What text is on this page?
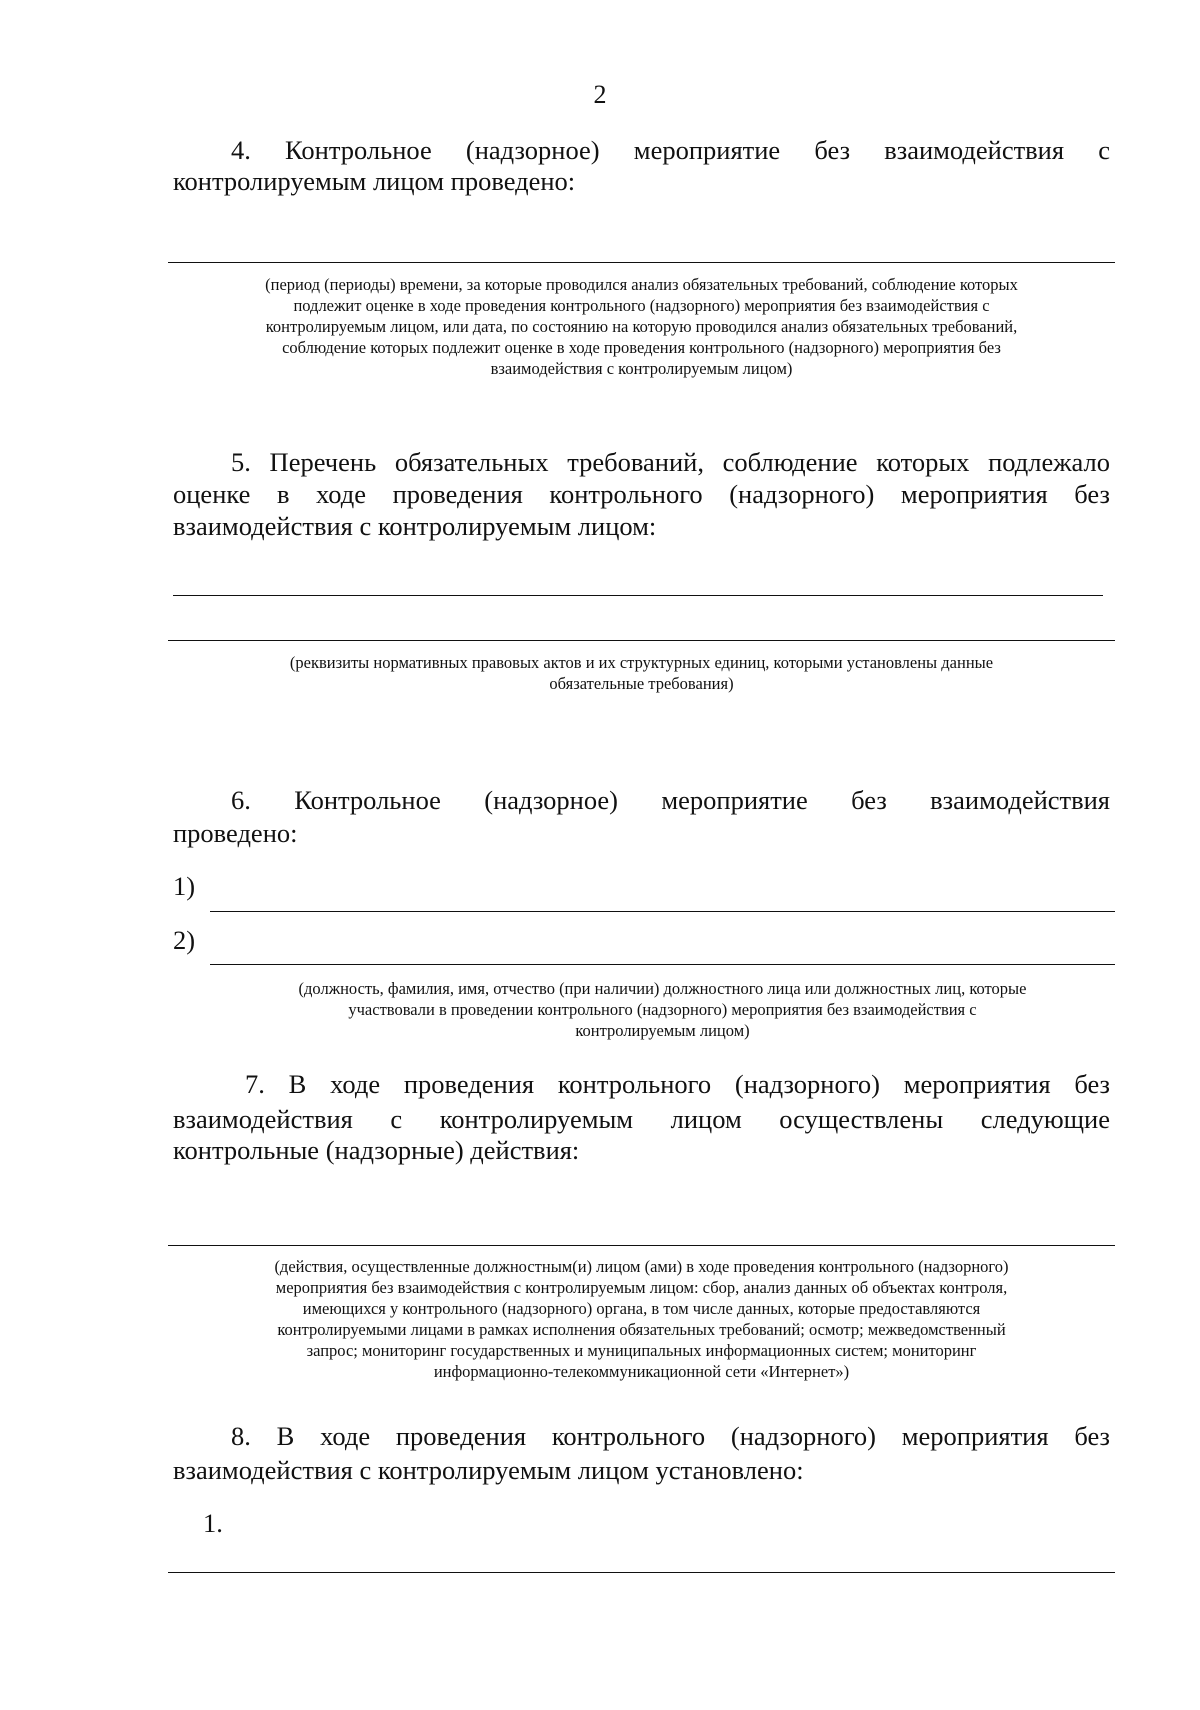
2

4. Контрольное (надзорное) мероприятие без взаимодействия с

контролируемым лицом проведено:

(период (периоды) времени, за которые проводился анализ обязательных требований, соблюдение которых
подлежит оценке в ходе проведения контрольного (надзорного) мероприятия без взаимодействия с
контролируемым лицом, или дата, по состоянию на которую проводился анализ обязательных требований,
соблюдение которых подлежит оценке в ходе проведения контрольного (надзорного) мероприятия без
взаимодействия с контролируемым лицом)

5. Перечень обязательных требований, соблюдение которых подлежало

оценке в ходе проведения контрольного (надзорного) мероприятия без

взаимодействия с контролируемым лицом:

(реквизиты нормативных правовых актов и их структурных единиц, которыми установлены данные
обязательные требования)

6. Контрольное (надзорное) мероприятие без взаимодействия

проведено:

1)
2)
(должность, фамилия, имя, отчество (при наличии) должностного лица или должностных лиц, которые
участвовали в проведении контрольного (надзорного) мероприятия без взаимодействия с
контролируемым лицом)

7. В ходе проведения контрольного (надзорного) мероприятия без

взаимодействия с контролируемым лицом осуществлены следующие

контрольные (надзорные) действия:

(действия, осуществленные должностным(и) лицом (ами) в ходе проведения контрольного (надзорного)
мероприятия без взаимодействия с контролируемым лицом: сбор, анализ данных об объектах контроля,
имеющихся у контрольного (надзорного) органа, в том числе данных, которые предоставляются
контролируемыми лицами в рамках исполнения обязательных требований; осмотр; межведомственный
запрос; мониторинг государственных и муниципальных информационных систем; мониторинг
информационно-телекоммуникационной сети «Интернет»)

8. В ходе проведения контрольного (надзорного) мероприятия без

взаимодействия с контролируемым лицом установлено:

1.
